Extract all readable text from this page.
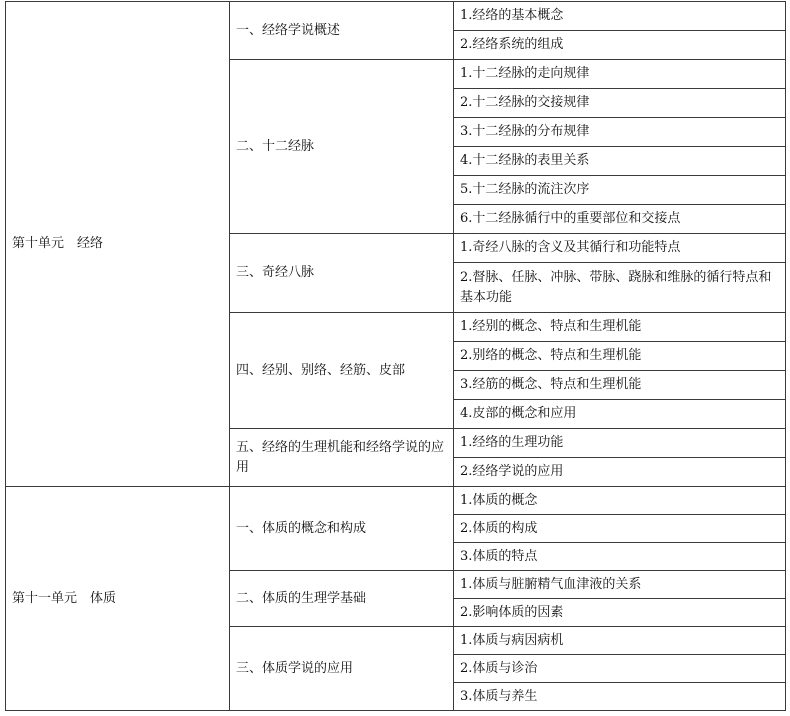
第十单元　经络	一、经络学说概述	1.经络的基本概念
		2.经络系统的组成
	二、十二经脉	1.十二经脉的走向规律
		2.十二经脉的交接规律
		3.十二经脉的分布规律
		4.十二经脉的表里关系
		5.十二经脉的流注次序
		6.十二经脉循行中的重要部位和交接点
	三、奇经八脉	1.奇经八脉的含义及其循行和功能特点
		2.督脉、任脉、冲脉、带脉、跷脉和维脉的循行特点和基本功能
	四、经别、别络、经筋、皮部	1.经别的概念、特点和生理机能
		2.别络的概念、特点和生理机能
		3.经筋的概念、特点和生理机能
		4.皮部的概念和应用
	五、经络的生理机能和经络学说的应用	1.经络的生理功能
		2.经络学说的应用
第十一单元　体质	一、体质的概念和构成	1.体质的概念
		2.体质的构成
		3.体质的特点
	二、体质的生理学基础	1.体质与脏腑精气血津液的关系
		2.影响体质的因素
	三、体质学说的应用	1.体质与病因病机
		2.体质与诊治
		3.体质与养生
